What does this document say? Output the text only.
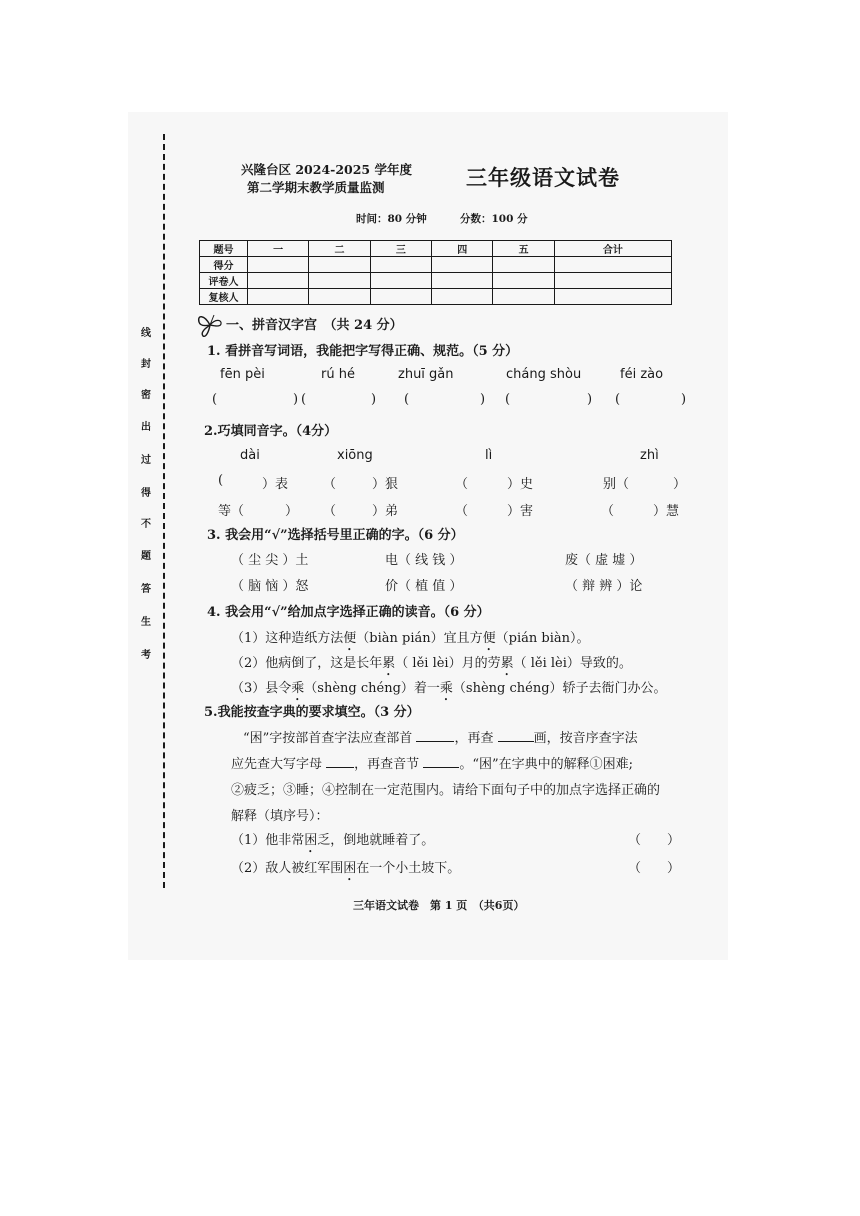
线
封
密
出
过
得
不
题
答
生
考
兴隆台区 2024-2025 学年度
第二学期末教学质量监测	三年级语文试卷
时间：80 分钟	分数：100 分
题号	一	二	三	四	五	合计
得分						
评卷人						
复核人						
一、拼音汉字宫　（共 24 分）
1. 看拼音写词语，我能把字写得正确、规范。（5 分）
fēn pèi	rú hé	zhuī gǎn	cháng shòu	féi zào
(	) (	) (	) (	) (	)
2.巧填同音字。（4分）
dài	xiōng	lì	zhì
(	）表	（	）狠	（	）史	别（	）
等（	） （	）弟	（	）害	（	）慧
3. 我会用“√”选择括号里正确的字。（6 分）
（ 尘 尖 ）土	电（ 线 钱 ）	废（ 虚 墟 ）
（ 脑 恼 ）怒	价（ 植 值 ）	（ 辩 辨 ）论
4. 我会用“√”给加点字选择正确的读音。（6 分）
（1）这种造纸方法便（biàn pián）宜且方便（pián biàn）。
（2）他病倒了，这是长年累（ lěi lèi）月的劳累（ lěi lèi）导致的。
（3）县令乘（shèng chéng）着一乘（shèng chéng）轿子去衙门办公。
5.我能按查字典的要求填空。（3 分）
“困”字按部首查字法应查部首	，再查	画，按音序查字法
应先查大写字母 ，再查音节	。“困”在字典中的解释①困难;
②疲乏；③睡；④控制在一定范围内。请给下面句子中的加点字选择正确的
解释（填序号）：
（1）他非常困乏，倒地就睡着了。	（　　）
（2）敌人被红军围困在一个小土坡下。	（　　）
三年语文试卷　第 1 页　（共6页）
